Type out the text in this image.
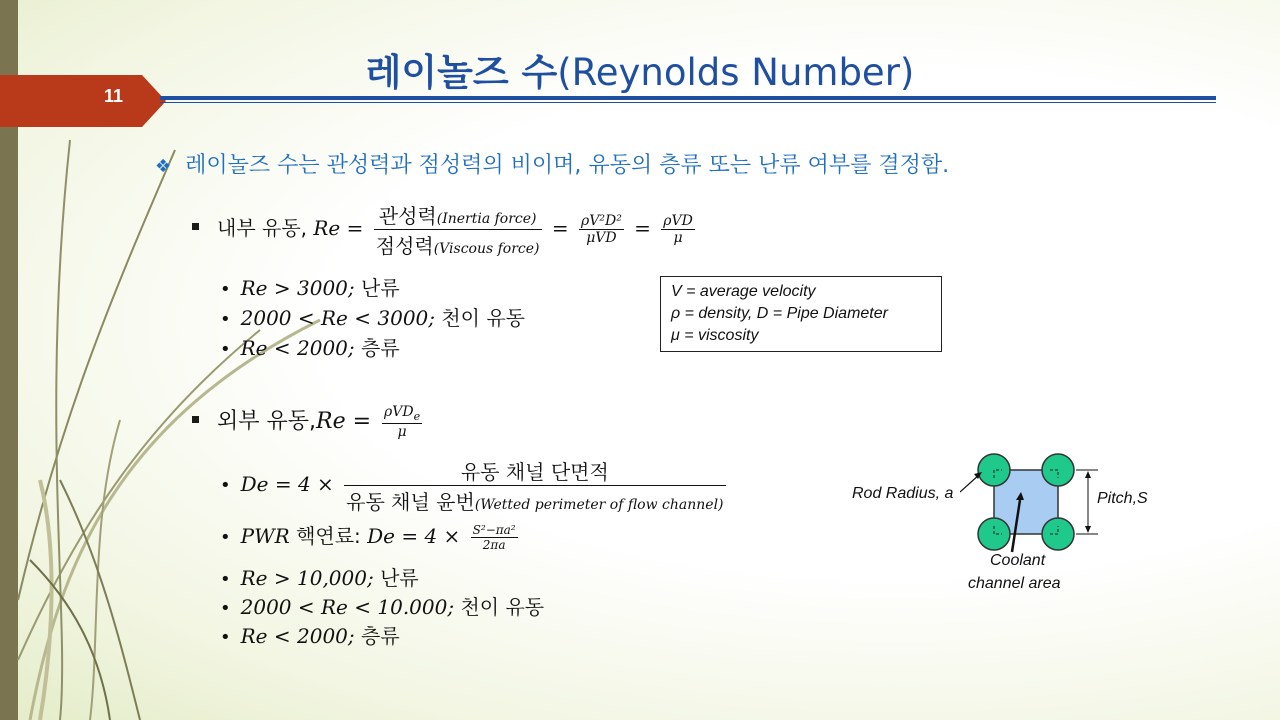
11
레이놀즈 수(Reynolds Number)
❖ 레이놀즈 수는 관성력과 점성력의 비이며, 유동의 층류 또는 난류 여부를 결정함.
내부 유동, $Re = \frac{\text{관성력(Inertia force)}}{\text{점성력(Viscous force)}} = \frac{\text{ρV²D²}}{\text{μVD}} = \frac{\text{ρVD}}{\mu}$
• Re > 3000; 난류
• 2000 < Re < 3000; 천이 유동
• Re < 2000; 층류
V = average velocity
ρ = density, D = Pipe Diameter
μ = viscosity
외부 유동$,Re = \frac{\rho VD_e}{\mu}$
• $De = 4 \times \frac{\text{유동 채널 단면적}}{\text{유동 채널 윤번(Wetted perimeter of flow channel)}}$
• PWR 핵연료: $De = 4 \times \frac{\text{S²−πa²}}{2\pi a}$
• Re > 10,000; 난류
• 2000 < Re < 10.000; 천이 유동
• Re < 2000; 층류
Rod Radius, a	Pitch,S
Coolant
channel area
